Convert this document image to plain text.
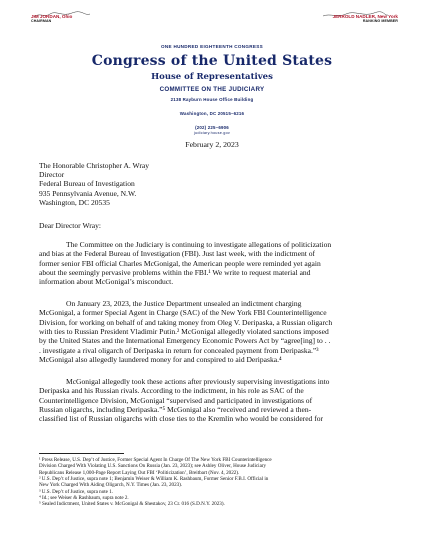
JIM JORDAN, Ohio
CHAIRMAN
JERROLD NADLER, New York
RANKING MEMBER
ONE HUNDRED EIGHTEENTH CONGRESS
Congress of the United States
House of Representatives
COMMITTEE ON THE JUDICIARY
2138 Rayburn House Office Building
Washington, DC 20515–6216
(202) 225–6906
judiciary.house.gov
February 2, 2023
The Honorable Christopher A. Wray
Director
Federal Bureau of Investigation
935 Pennsylvania Avenue, N.W.
Washington, DC 20535
Dear Director Wray:
The Committee on the Judiciary is continuing to investigate allegations of politicization
and bias at the Federal Bureau of Investigation (FBI). Just last week, with the indictment of
former senior FBI official Charles McGonigal, the American people were reminded yet again
about the seemingly pervasive problems within the FBI.¹ We write to request material and
information about McGonigal’s misconduct.
On January 23, 2023, the Justice Department unsealed an indictment charging
McGonigal, a former Special Agent in Charge (SAC) of the New York FBI Counterintelligence
Division, for working on behalf of and taking money from Oleg V. Deripaska, a Russian oligarch
with ties to Russian President Vladimir Putin.² McGonigal allegedly violated sanctions imposed
by the United States and the International Emergency Economic Powers Act by “agree[ing] to . .
. investigate a rival oligarch of Deripaska in return for concealed payment from Deripaska.”³
McGonigal also allegedly laundered money for and conspired to aid Deripaska.⁴
McGonigal allegedly took these actions after previously supervising investigations into
Deripaska and his Russian rivals. According to the indictment, in his role as SAC of the
Counterintelligence Division, McGonigal “supervised and participated in investigations of
Russian oligarchs, including Deripaska.”⁵ McGonigal also “received and reviewed a then-
classified list of Russian oligarchs with close ties to the Kremlin who would be considered for
¹ Press Release, U.S. Dep’t of Justice, Former Special Agent In Charge Of The New York FBI Counterintelligence
Division Charged With Violating U.S. Sanctions On Russia (Jan. 23, 2023); see Ashley Oliver, House Judiciary
Republicans Release 1,000-Page Report Laying Out FBI ‘Politicization’, Breitbart (Nov. 4, 2022).
² U.S. Dep’t of Justice, supra note 1; Benjamin Weiser & William K. Rashbaum, Former Senior F.B.I. Official in
New York Charged With Aiding Oligarch, N.Y. Times (Jan. 23, 2023).
³ U.S. Dep’t of Justice, supra note 1.
⁴ Id.; see Weiser & Rashbaum, supra note 2.
⁵ Sealed Indictment, United States v. McGonigal & Shestakov, 23 Cr. 016 (S.D.N.Y. 2023).
